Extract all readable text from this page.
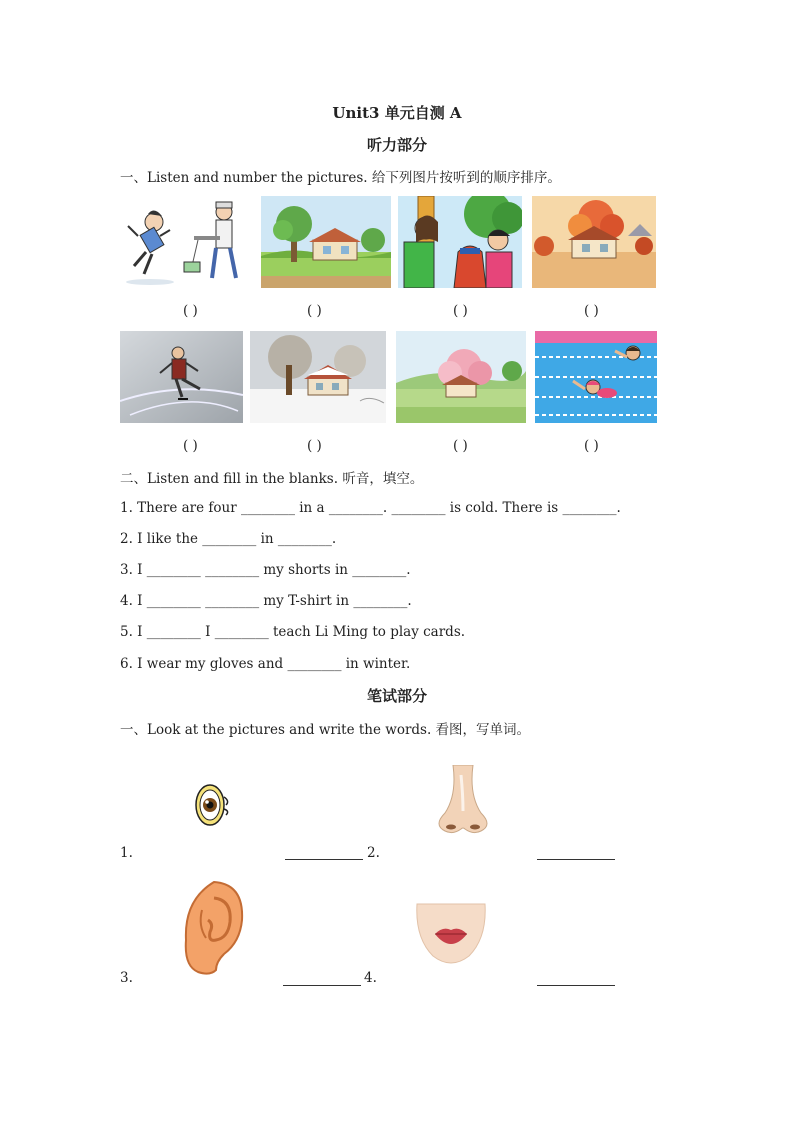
Unit3 单元自测 A
听力部分
一、Listen and number the pictures. 给下列图片按听到的顺序排序。
( )	( )	( )	( )
( )	( )	( )	( )
二、Listen and fill in the blanks. 听音，填空。
1. There are four ________ in a ________. ________ is cold. There is ________.
2. I like the ________ in ________.
3. I ________ ________ my shorts in ________.
4. I ________ ________ my T-shirt in ________.
5. I ________ I ________ teach Li Ming to play cards.
6. I wear my gloves and ________ in winter.
笔试部分
一、Look at the pictures and write the words. 看图，写单词。
1.	2.
3.	4.
